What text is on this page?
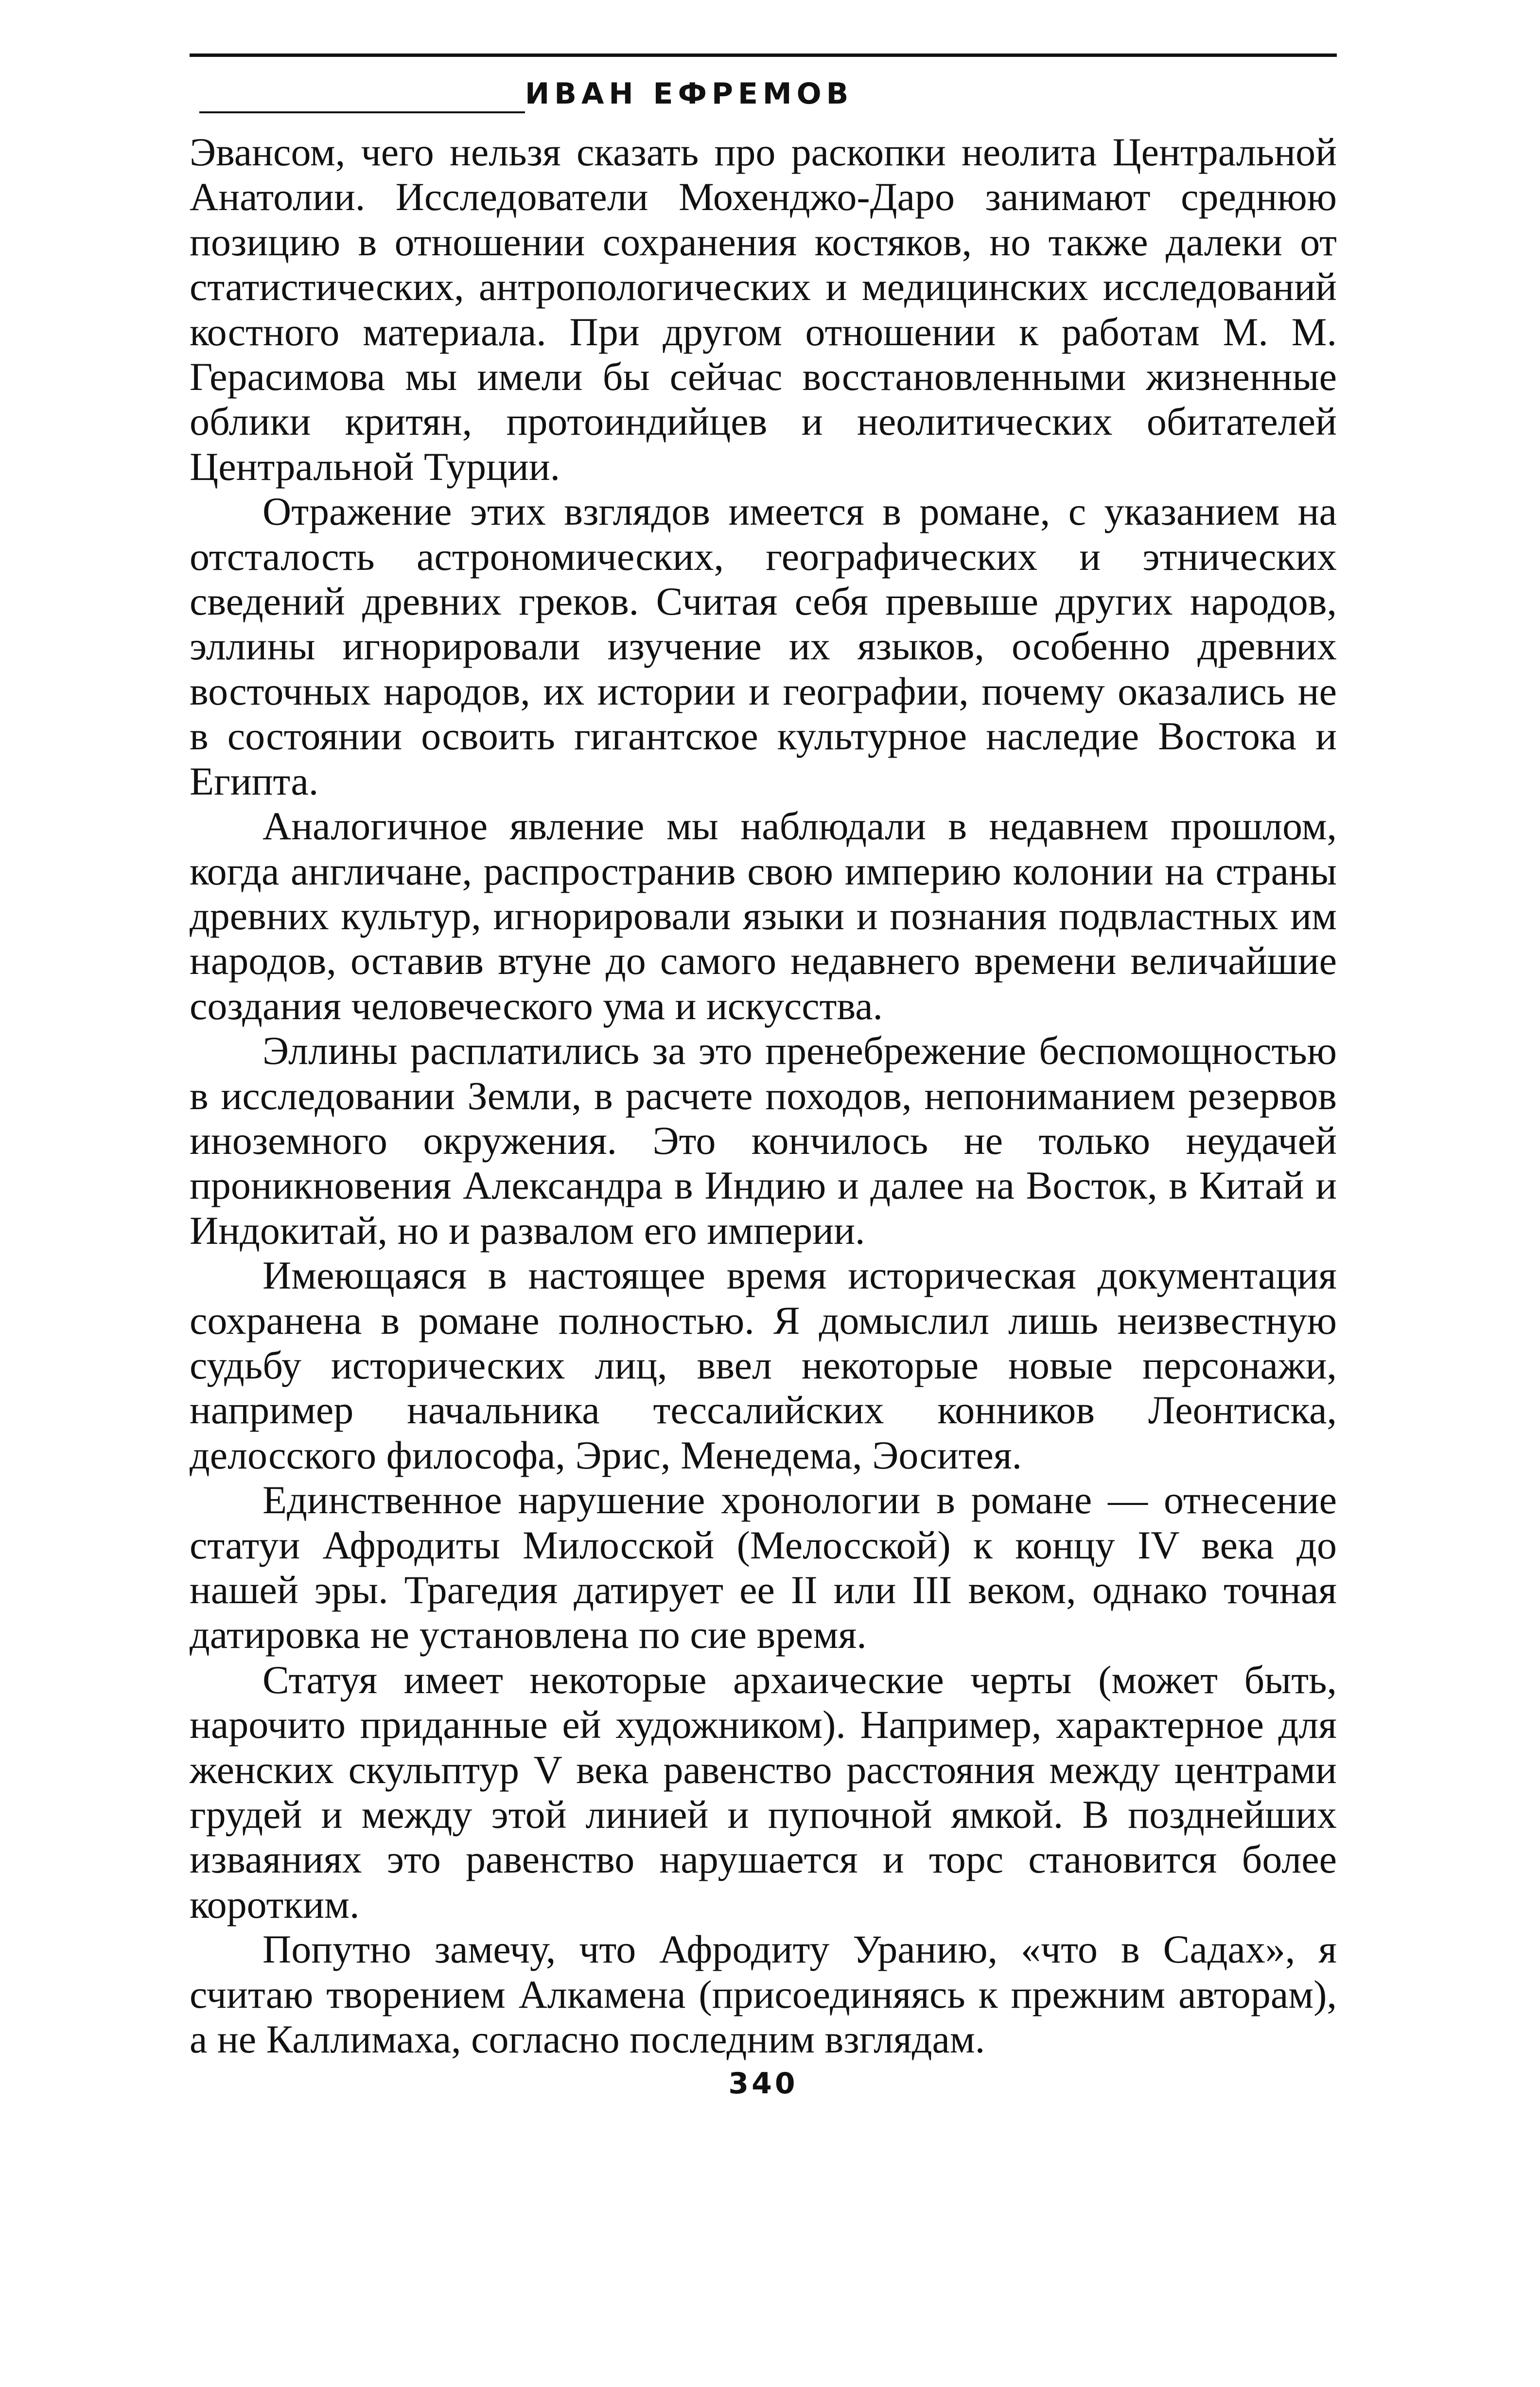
ИВАН ЕФРЕМОВ

Эвансом, чего нельзя сказать про раскопки неолита Центральной Анатолии. Исследователи Мохенджо-Даро занимают среднюю позицию в отношении сохранения костяков, но также далеки от статистических, антропологических и медицинских исследований костного материала. При другом отношении к работам М. М. Герасимова мы имели бы сейчас восстановленными жизненные облики критян, протоиндийцев и неолитических обитателей Центральной Турции.

Отражение этих взглядов имеется в романе, с указанием на отсталость астрономических, географических и этнических сведений древних греков. Считая себя превыше других народов, эллины игнорировали изучение их языков, особенно древних восточных народов, их истории и географии, почему оказались не в состоянии освоить гигантское культурное наследие Востока и Египта.

Аналогичное явление мы наблюдали в недавнем прошлом, когда англичане, распространив свою империю колонии на страны древних культур, игнорировали языки и познания подвластных им народов, оставив втуне до самого недавнего времени величайшие создания человеческого ума и искусства.

Эллины расплатились за это пренебрежение беспомощностью в исследовании Земли, в расчете походов, непониманием резервов иноземного окружения. Это кончилось не только неудачей проникновения Александра в Индию и далее на Восток, в Китай и Индокитай, но и развалом его империи.

Имеющаяся в настоящее время историческая документация сохранена в романе полностью. Я домыслил лишь неизвестную судьбу исторических лиц, ввел некоторые новые персонажи, например начальника тессалийских конников Леонтиска, делосского философа, Эрис, Менедема, Эоситея.

Единственное нарушение хронологии в романе — отнесение статуи Афродиты Милосской (Мелосской) к концу IV века до нашей эры. Трагедия датирует ее II или III веком, однако точная датировка не установлена по сие время.

Статуя имеет некоторые архаические черты (может быть, нарочито приданные ей художником). Например, характерное для женских скульптур V века равенство расстояния между центрами грудей и между этой линией и пупочной ямкой. В позднейших изваяниях это равенство нарушается и торс становится более коротким.

Попутно замечу, что Афродиту Уранию, «что в Садах», я считаю творением Алкамена (присоединяясь к прежним авторам), а не Каллимаха, согласно последним взглядам.

340
